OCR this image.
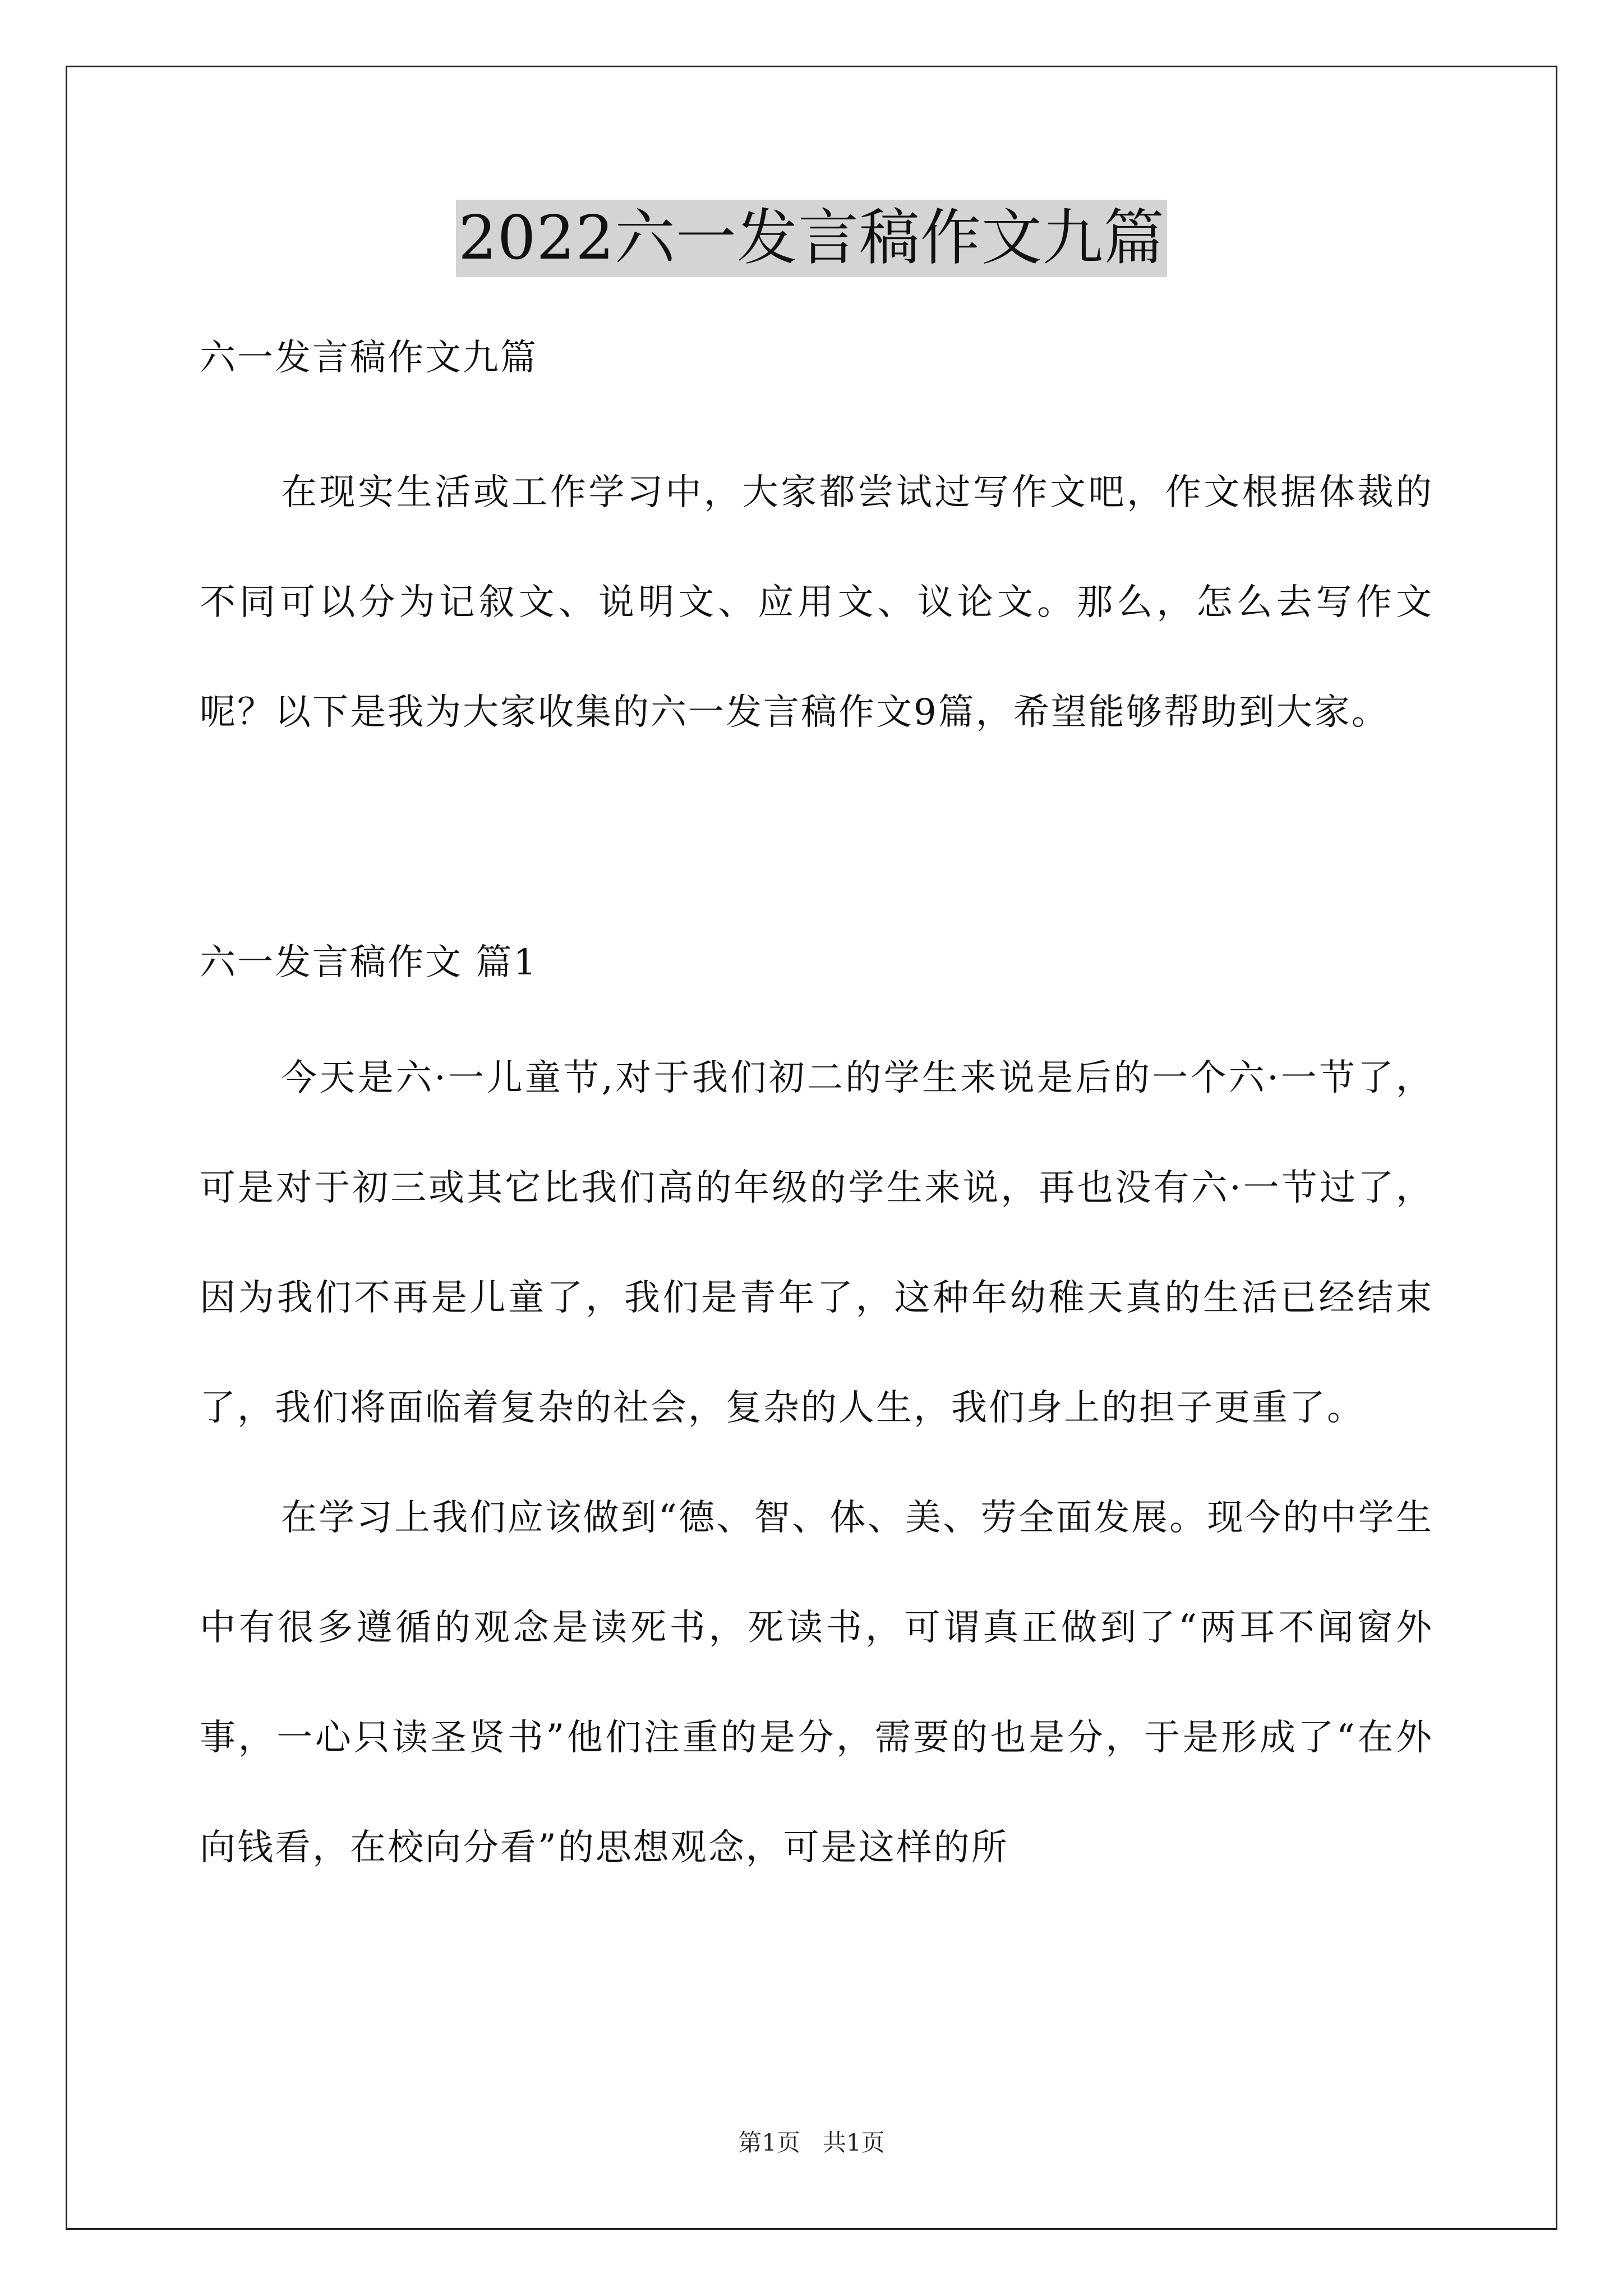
2022六一发言稿作文九篇
六一发言稿作文九篇

在现实生活或工作学习中，大家都尝试过写作文吧，作文根据体裁的不同可以分为记叙文、说明文、应用文、议论文。那么，怎么去写作文呢？以下是我为大家收集的六一发言稿作文9篇，希望能够帮助到大家。

六一发言稿作文 篇1

今天是六·一儿童节,对于我们初二的学生来说是后的一个六·一节了，可是对于初三或其它比我们高的年级的学生来说，再也没有六·一节过了，因为我们不再是儿童了，我们是青年了，这种年幼稚天真的生活已经结束了，我们将面临着复杂的社会，复杂的人生，我们身上的担子更重了。

在学习上我们应该做到“德、智、体、美、劳全面发展。现今的中学生中有很多遵循的观念是读死书，死读书，可谓真正做到了“两耳不闻窗外事，一心只读圣贤书”他们注重的是分，需要的也是分，于是形成了“在外向钱看，在校向分看”的思想观念，可是这样的所

第1页   共1页
